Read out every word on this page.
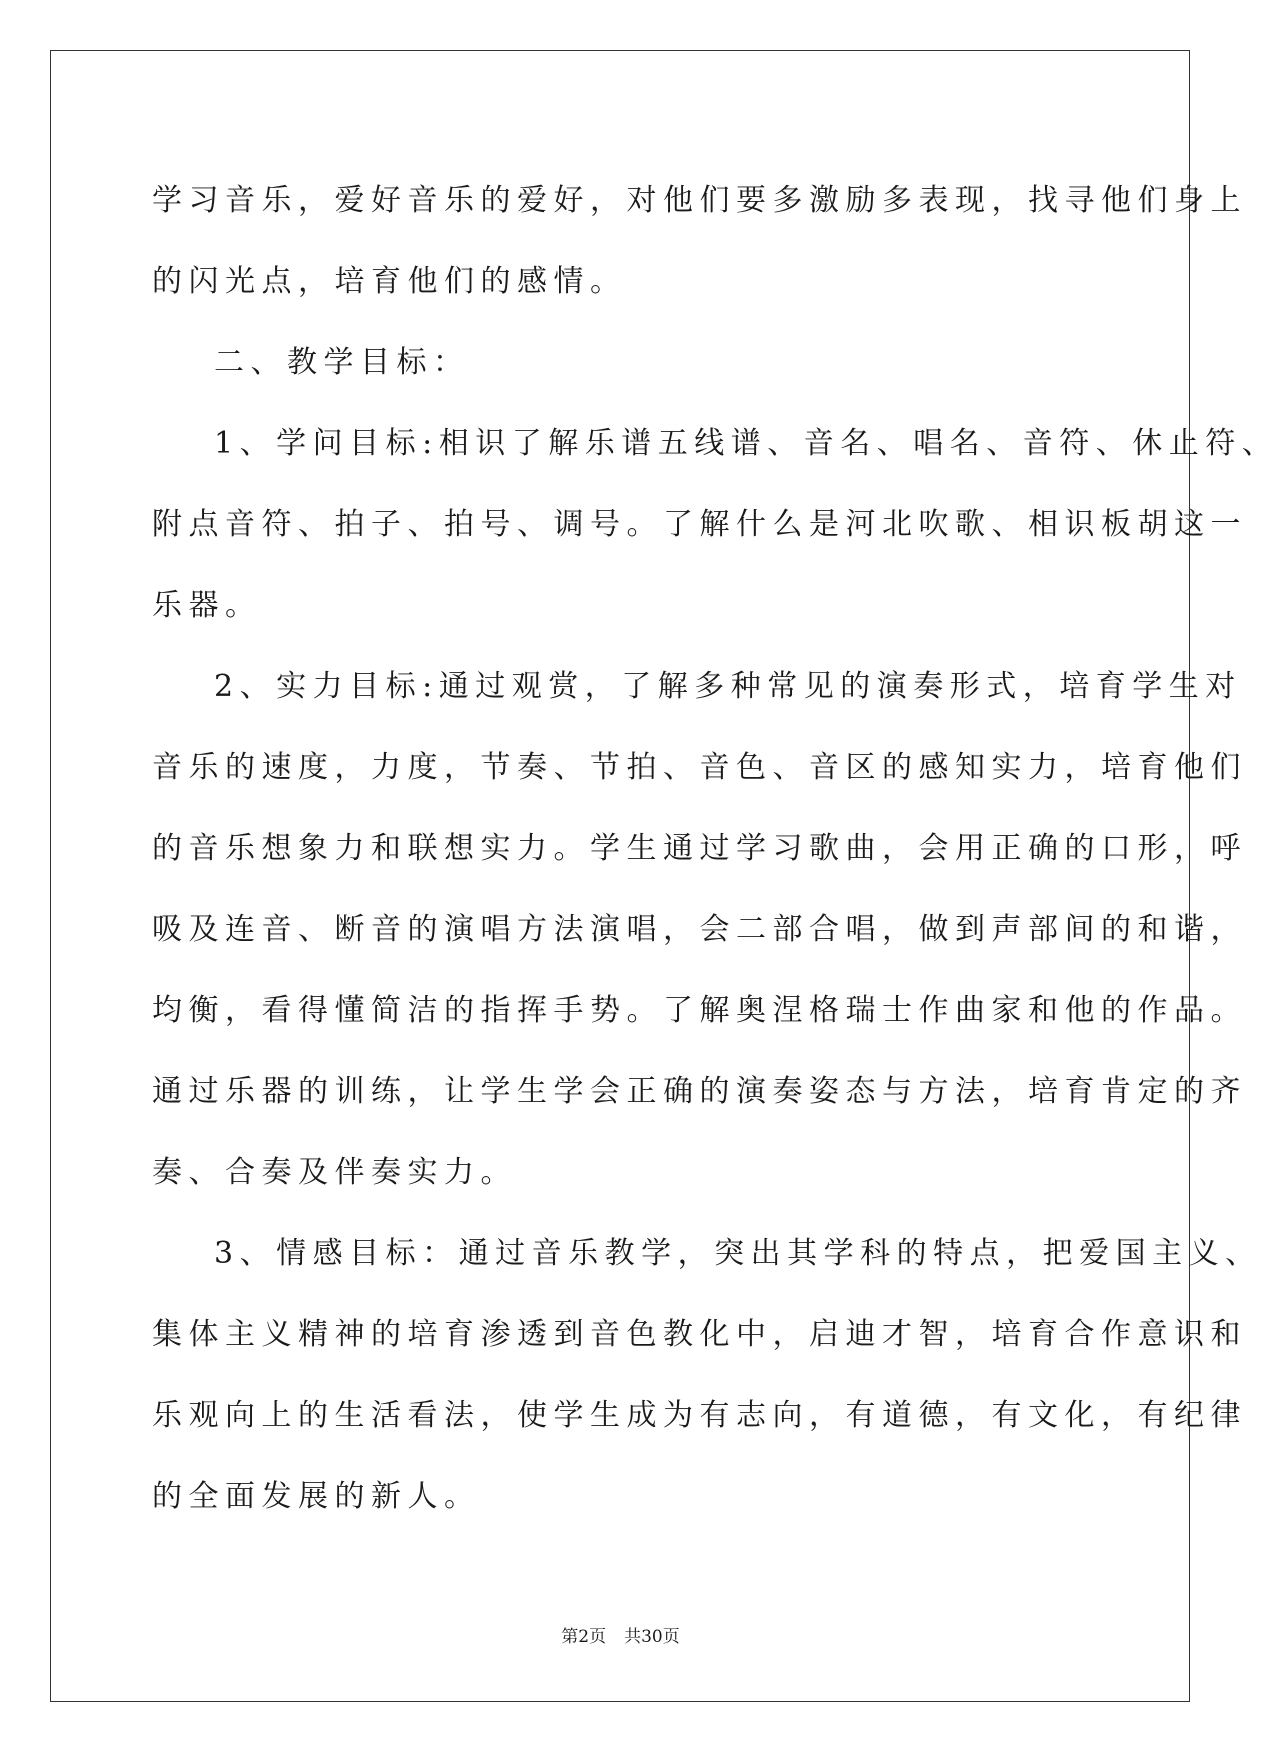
学习音乐，爱好音乐的爱好，对他们要多激励多表现，找寻他们身上
的闪光点，培育他们的感情。
二、教学目标：
1、学问目标:相识了解乐谱五线谱、音名、唱名、音符、休止符、
附点音符、拍子、拍号、调号。了解什么是河北吹歌、相识板胡这一
乐器。
2、实力目标:通过观赏，了解多种常见的演奏形式，培育学生对
音乐的速度，力度，节奏、节拍、音色、音区的感知实力，培育他们
的音乐想象力和联想实力。学生通过学习歌曲，会用正确的口形，呼
吸及连音、断音的演唱方法演唱，会二部合唱，做到声部间的和谐，
均衡，看得懂简洁的指挥手势。了解奥涅格瑞士作曲家和他的作品。
通过乐器的训练，让学生学会正确的演奏姿态与方法，培育肯定的齐
奏、合奏及伴奏实力。
3、情感目标：通过音乐教学，突出其学科的特点，把爱国主义、
集体主义精神的培育渗透到音色教化中，启迪才智，培育合作意识和
乐观向上的生活看法，使学生成为有志向，有道德，有文化，有纪律
的全面发展的新人。
第2页 共30页
